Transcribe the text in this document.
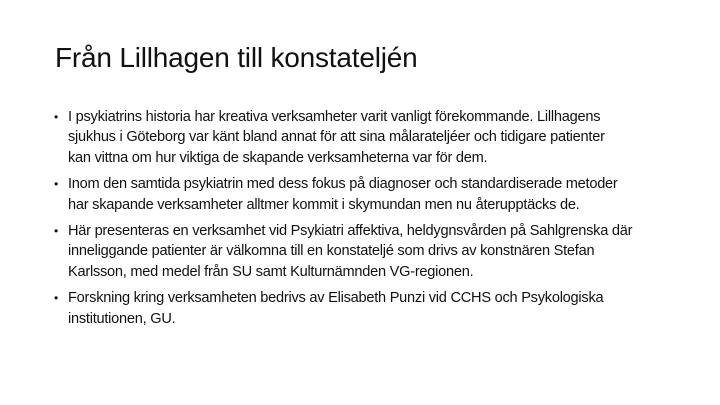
Från Lillhagen till konstateljén
• I psykiatrins historia har kreativa verksamheter varit vanligt förekommande. Lillhagens
sjukhus i Göteborg var känt bland annat för att sina målarateljéer och tidigare patienter
kan vittna om hur viktiga de skapande verksamheterna var för dem.
• Inom den samtida psykiatrin med dess fokus på diagnoser och standardiserade metoder
har skapande verksamheter alltmer kommit i skymundan men nu återupptäcks de.
• Här presenteras en verksamhet vid Psykiatri affektiva, heldygnsvården på Sahlgrenska där
inneliggande patienter är välkomna till en konstateljé som drivs av konstnären Stefan
Karlsson, med medel från SU samt Kulturnämnden VG-regionen.
• Forskning kring verksamheten bedrivs av Elisabeth Punzi vid CCHS och Psykologiska
institutionen, GU.
